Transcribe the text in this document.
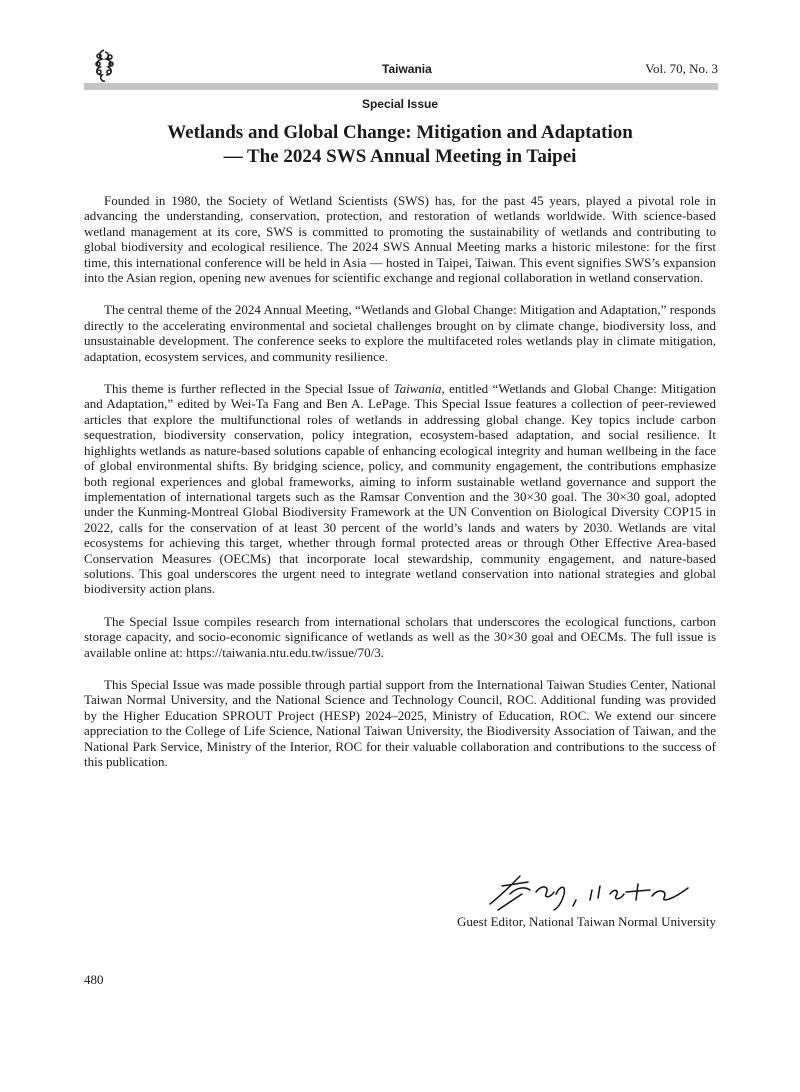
Taiwania	Vol. 70, No. 3
Special Issue
Wetlands and Global Change: Mitigation and Adaptation
— The 2024 SWS Annual Meeting in Taipei

Founded in 1980, the Society of Wetland Scientists (SWS) has, for the past 45 years, played a pivotal role in advancing the understanding, conservation, protection, and restoration of wetlands worldwide. With science-based wetland management at its core, SWS is committed to promoting the sustainability of wetlands and contributing to global biodiversity and ecological resilience. The 2024 SWS Annual Meeting marks a historic milestone: for the first time, this international conference will be held in Asia — hosted in Taipei, Taiwan. This event signifies SWS’s expansion into the Asian region, opening new avenues for scientific exchange and regional collaboration in wetland conservation.

The central theme of the 2024 Annual Meeting, “Wetlands and Global Change: Mitigation and Adaptation,” responds directly to the accelerating environmental and societal challenges brought on by climate change, biodiversity loss, and unsustainable development. The conference seeks to explore the multifaceted roles wetlands play in climate mitigation, adaptation, ecosystem services, and community resilience.

This theme is further reflected in the Special Issue of Taiwania, entitled “Wetlands and Global Change: Mitigation and Adaptation,” edited by Wei-Ta Fang and Ben A. LePage. This Special Issue features a collection of peer-reviewed articles that explore the multifunctional roles of wetlands in addressing global change. Key topics include carbon sequestration, biodiversity conservation, policy integration, ecosystem-based adaptation, and social resilience. It highlights wetlands as nature-based solutions capable of enhancing ecological integrity and human wellbeing in the face of global environmental shifts. By bridging science, policy, and community engagement, the contributions emphasize both regional experiences and global frameworks, aiming to inform sustainable wetland governance and support the implementation of international targets such as the Ramsar Convention and the 30×30 goal. The 30×30 goal, adopted under the Kunming-Montreal Global Biodiversity Framework at the UN Convention on Biological Diversity COP15 in 2022, calls for the conservation of at least 30 percent of the world’s lands and waters by 2030. Wetlands are vital ecosystems for achieving this target, whether through formal protected areas or through Other Effective Area-based Conservation Measures (OECMs) that incorporate local stewardship, community engagement, and nature-based solutions. This goal underscores the urgent need to integrate wetland conservation into national strategies and global biodiversity action plans.

The Special Issue compiles research from international scholars that underscores the ecological functions, carbon storage capacity, and socio-economic significance of wetlands as well as the 30×30 goal and OECMs. The full issue is available online at: https://taiwania.ntu.edu.tw/issue/70/3.

This Special Issue was made possible through partial support from the International Taiwan Studies Center, National Taiwan Normal University, and the National Science and Technology Council, ROC. Additional funding was provided by the Higher Education SPROUT Project (HESP) 2024–2025, Ministry of Education, ROC. We extend our sincere appreciation to the College of Life Science, National Taiwan University, the Biodiversity Association of Taiwan, and the National Park Service, Ministry of the Interior, ROC for their valuable collaboration and contributions to the success of this publication.

Guest Editor, National Taiwan Normal University
480
